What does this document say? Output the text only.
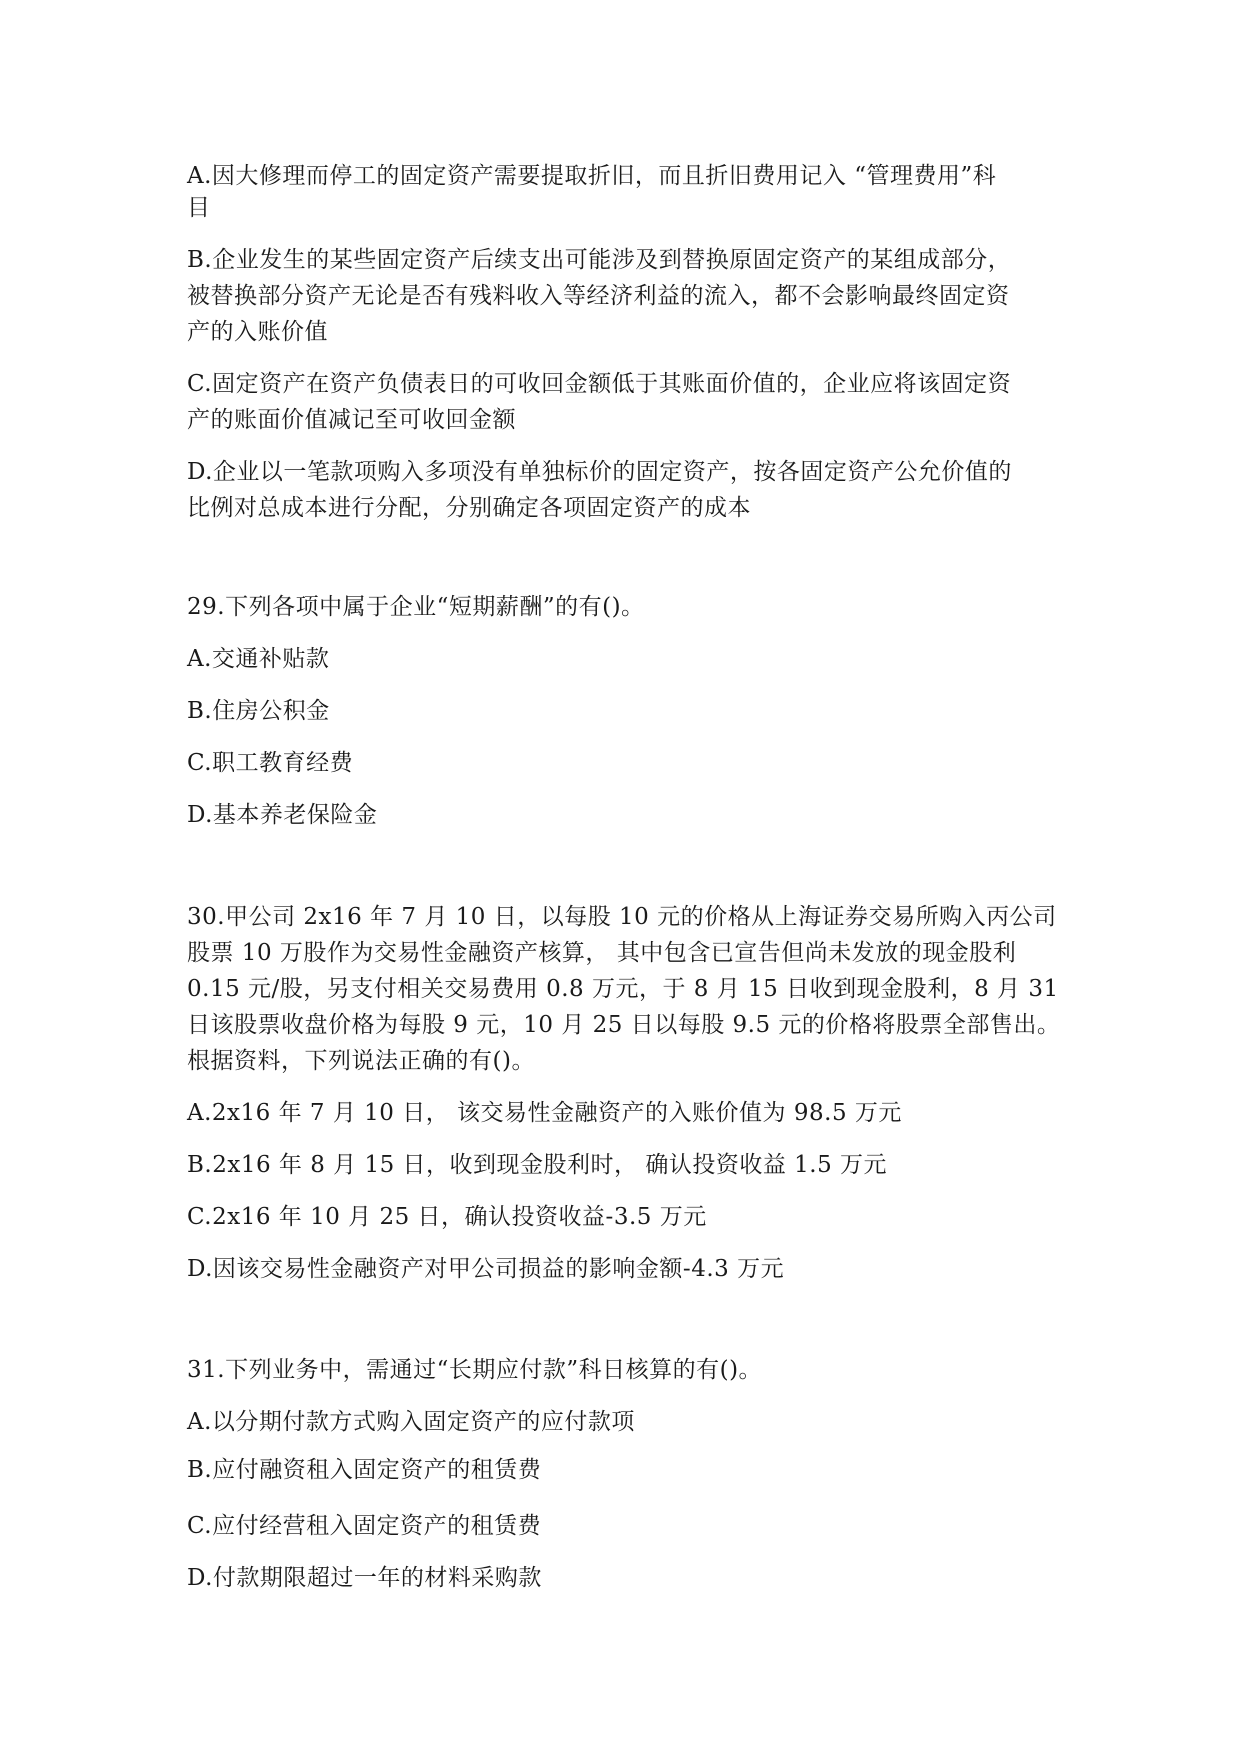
A.因大修理而停工的固定资产需要提取折旧，而且折旧费用记入 “管理费用”科
目
B.企业发生的某些固定资产后续支出可能涉及到替换原固定资产的某组成部分，
被替换部分资产无论是否有残料收入等经济利益的流入，都不会影响最终固定资
产的入账价值
C.固定资产在资产负债表日的可收回金额低于其账面价值的，企业应将该固定资
产的账面价值减记至可收回金额
D.企业以一笔款项购入多项没有单独标价的固定资产，按各固定资产公允价值的
比例对总成本进行分配，分别确定各项固定资产的成本
29.下列各项中属于企业“短期薪酬”的有()。
A.交通补贴款
B.住房公积金
C.职工教育经费
D.基本养老保险金
30.甲公司 2x16 年 7 月 10 日，以每股 10 元的价格从上海证券交易所购入丙公司
股票 10 万股作为交易性金融资产核算， 其中包含已宣告但尚未发放的现金股利
0.15 元/股，另支付相关交易费用 0.8 万元，于 8 月 15 日收到现金股利，8 月 31
日该股票收盘价格为每股 9 元，10 月 25 日以每股 9.5 元的价格将股票全部售出。
根据资料，下列说法正确的有()。
A.2x16 年 7 月 10 日， 该交易性金融资产的入账价值为 98.5 万元
B.2x16 年 8 月 15 日，收到现金股利时， 确认投资收益 1.5 万元
C.2x16 年 10 月 25 日，确认投资收益-3.5 万元
D.因该交易性金融资产对甲公司损益的影响金额-4.3 万元
31.下列业务中，需通过“长期应付款”科日核算的有()。
A.以分期付款方式购入固定资产的应付款项
B.应付融资租入固定资产的租赁费
C.应付经营租入固定资产的租赁费
D.付款期限超过一年的材料采购款
